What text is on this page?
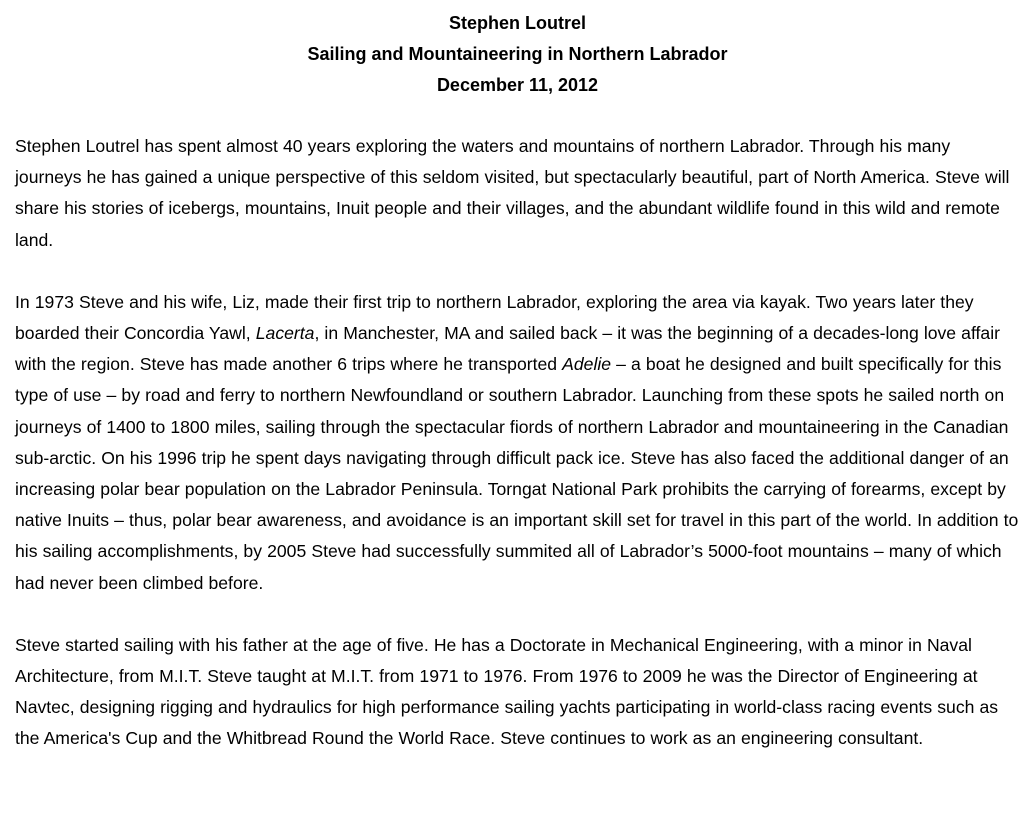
Stephen Loutrel
Sailing and Mountaineering in Northern Labrador
December 11, 2012

Stephen Loutrel has spent almost 40 years exploring the waters and mountains of northern Labrador. Through his many journeys he has gained a unique perspective of this seldom visited, but spectacularly beautiful, part of North America. Steve will share his stories of icebergs, mountains, Inuit people and their villages, and the abundant wildlife found in this wild and remote land.

In 1973 Steve and his wife, Liz, made their first trip to northern Labrador, exploring the area via kayak. Two years later they boarded their Concordia Yawl, Lacerta, in Manchester, MA and sailed back – it was the beginning of a decades-long love affair with the region. Steve has made another 6 trips where he transported Adelie – a boat he designed and built specifically for this type of use – by road and ferry to northern Newfoundland or southern Labrador. Launching from these spots he sailed north on journeys of 1400 to 1800 miles, sailing through the spectacular fiords of northern Labrador and mountaineering in the Canadian sub-arctic. On his 1996 trip he spent days navigating through difficult pack ice. Steve has also faced the additional danger of an increasing polar bear population on the Labrador Peninsula. Torngat National Park prohibits the carrying of forearms, except by native Inuits – thus, polar bear awareness, and avoidance is an important skill set for travel in this part of the world. In addition to his sailing accomplishments, by 2005 Steve had successfully summited all of Labrador’s 5000-foot mountains – many of which had never been climbed before.

Steve started sailing with his father at the age of five. He has a Doctorate in Mechanical Engineering, with a minor in Naval Architecture, from M.I.T. Steve taught at M.I.T. from 1971 to 1976. From 1976 to 2009 he was the Director of Engineering at Navtec, designing rigging and hydraulics for high performance sailing yachts participating in world-class racing events such as the America's Cup and the Whitbread Round the World Race. Steve continues to work as an engineering consultant.
